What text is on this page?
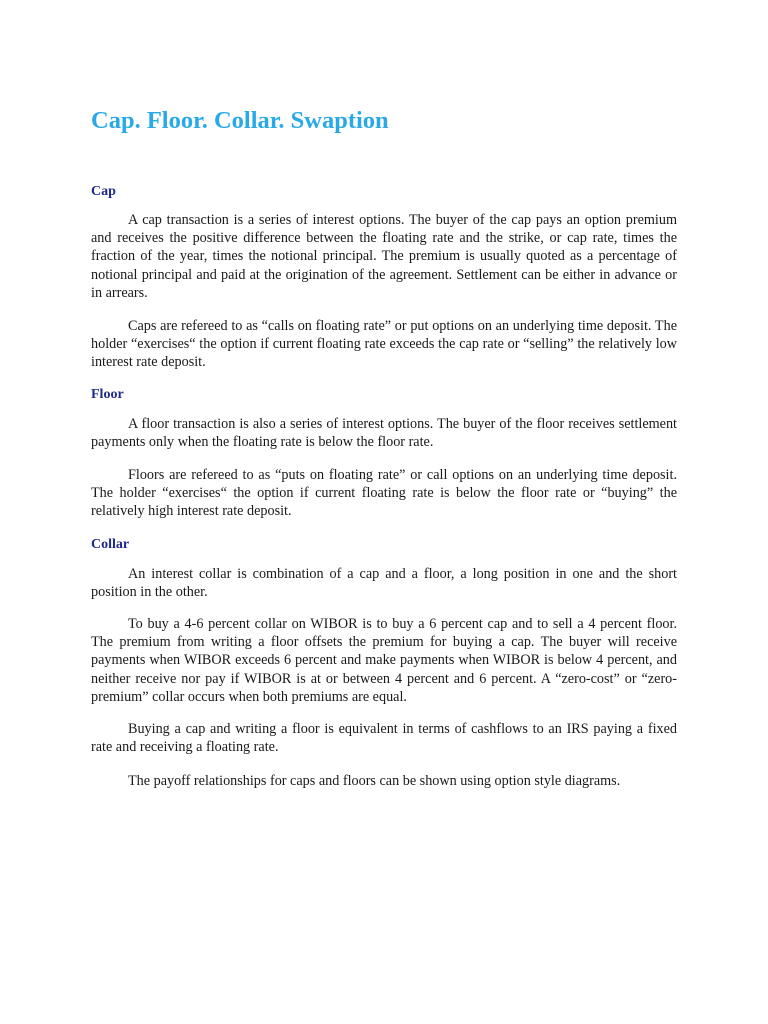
Cap. Floor. Collar. Swaption
Cap

A cap transaction is a series of interest options. The buyer of the cap pays an option premium and receives the positive difference between the floating rate and the strike, or cap rate, times the fraction of the year, times the notional principal. The premium is usually quoted as a percentage of notional principal and paid at the origination of the agreement. Settlement can be either in advance or in arrears.

Caps are refereed to as “calls on floating rate” or put options on an underlying time deposit. The holder “exercises“ the option if current floating rate exceeds the cap rate or “selling” the relatively low interest rate deposit.

Floor

A floor transaction is also a series of interest options. The buyer of the floor receives settlement payments only when the floating rate is below the floor rate.

Floors are refereed to as “puts on floating rate” or call options on an underlying time deposit. The holder “exercises“ the option if current floating rate is below the floor rate or “buying” the relatively high interest rate deposit.

Collar

An interest collar is combination of a cap and a floor, a long position in one and the short position in the other.

To buy a 4-6 percent collar on WIBOR is to buy a 6 percent cap and to sell a 4 percent floor. The premium from writing a floor offsets the premium for buying a cap. The buyer will receive payments when WIBOR exceeds 6 percent and make payments when WIBOR is below 4 percent, and neither receive nor pay if WIBOR is at or between 4 percent and 6 percent. A “zero-cost” or “zero-premium” collar occurs when both premiums are equal.

Buying a cap and writing a floor is equivalent in terms of cashflows to an IRS paying a fixed rate and receiving a floating rate.

The payoff relationships for caps and floors can be shown using option style diagrams.
